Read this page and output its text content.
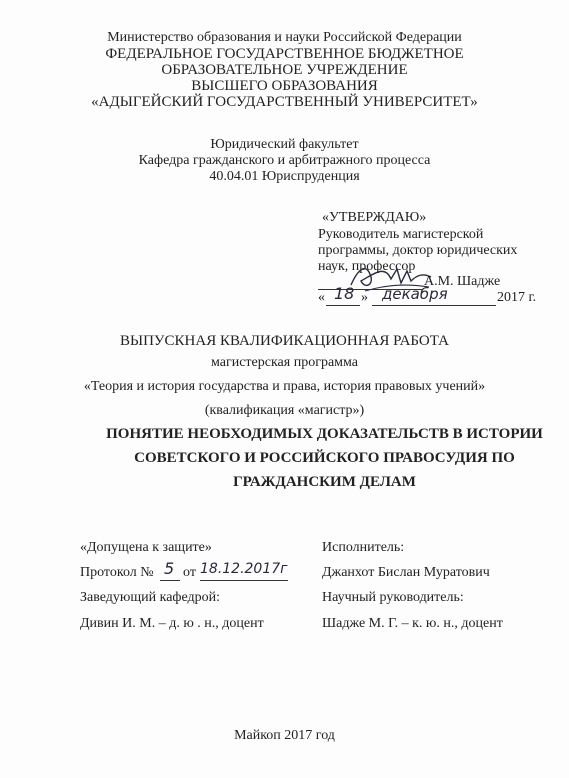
Министерство образования и науки Российской Федерации
ФЕДЕРАЛЬНОЕ ГОСУДАРСТВЕННОЕ БЮДЖЕТНОЕ
ОБРАЗОВАТЕЛЬНОЕ УЧРЕЖДЕНИЕ
ВЫСШЕГО ОБРАЗОВАНИЯ
«АДЫГЕЙСКИЙ ГОСУДАРСТВЕННЫЙ УНИВЕРСИТЕТ»
Юридический факультет
Кафедра гражданского и арбитражного процесса
40.04.01 Юриспруденция
«УТВЕРЖДАЮ»
Руководитель магистерской
программы, доктор юридических
наук, профессор
А.М. Шадже
« 18 » декабря	2017 г.
ВЫПУСКНАЯ КВАЛИФИКАЦИОННАЯ РАБОТА
магистерская программа
«Теория и история государства и права, история правовых учений»
(квалификация «магистр»)
ПОНЯТИЕ НЕОБХОДИМЫХ ДОКАЗАТЕЛЬСТВ В ИСТОРИИ
СОВЕТСКОГО И РОССИЙСКОГО ПРАВОСУДИЯ ПО
ГРАЖДАНСКИМ ДЕЛАМ
«Допущена к защите»
Протокол № 5 от 18.12.2017г
Заведующий кафедрой:
Дивин И. М. – д. ю . н., доцент
Исполнитель:
Джанхот Бислан Муратович
Научный руководитель:
Шадже М. Г. – к. ю. н., доцент
Майкоп 2017 год
